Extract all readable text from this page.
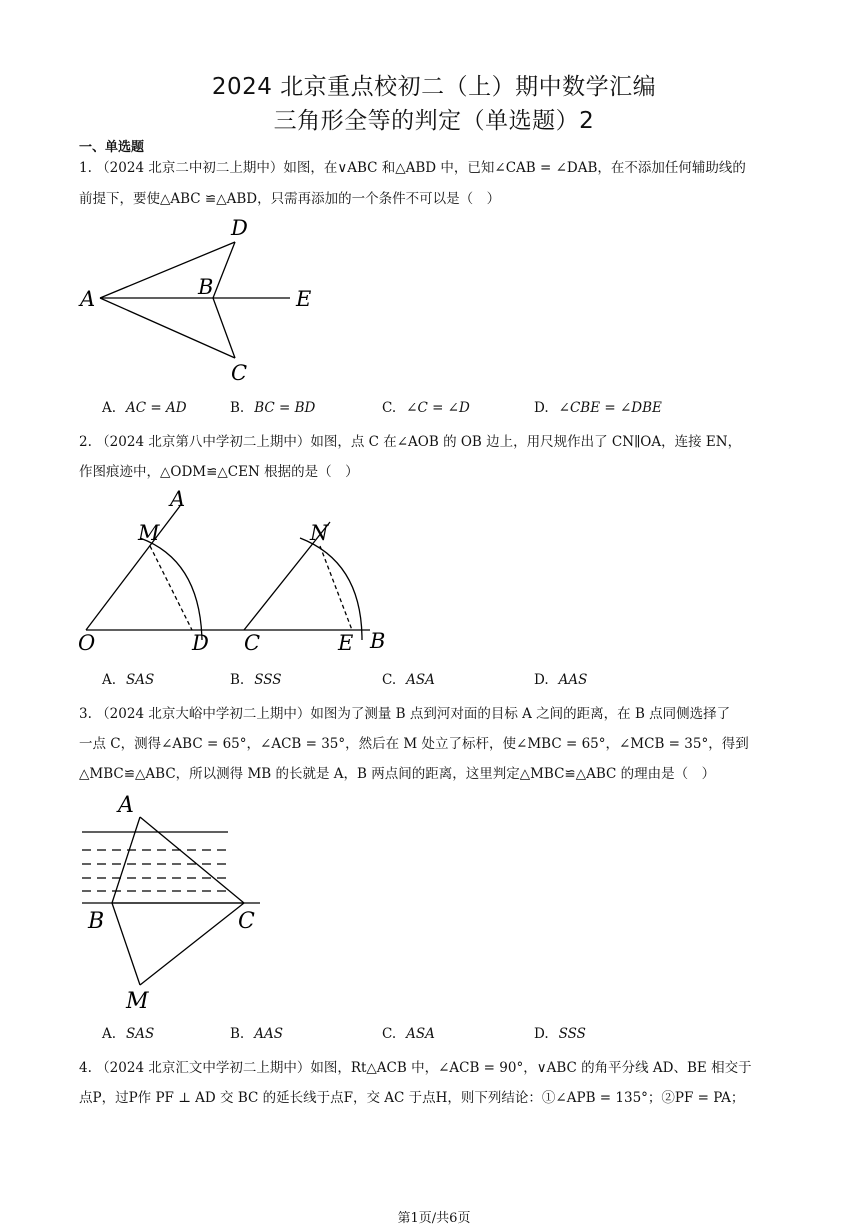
2024 北京重点校初二（上）期中数学汇编
三角形全等的判定（单选题）2
一、单选题
1. （2024 北京二中初二上期中）如图，在∨ABC 和△ABD 中，已知∠CAB = ∠DAB，在不添加任何辅助线的
前提下，要使△ABC ≌△ABD，只需再添加的一个条件不可以是（　）
A	B	E
D
C
A. AC = AD	B. BC = BD	C. ∠C = ∠D	D. ∠CBE = ∠DBE
2. （2024 北京第八中学初二上期中）如图，点 C 在∠AOB 的 OB 边上，用尺规作出了 CN∥OA，连接 EN，
作图痕迹中，△ODM≌△CEN 根据的是（　）
A
M
O	D
N
C	E B
A. SAS	B. SSS	C. ASA	D. AAS
3. （2024 北京大峪中学初二上期中）如图为了测量 B 点到河对面的目标 A 之间的距离，在 B 点同侧选择了
一点 C，测得∠ABC = 65°，∠ACB = 35°，然后在 M 处立了标杆，使∠MBC = 65°，∠MCB = 35°，得到
△MBC≌△ABC，所以测得 MB 的长就是 A，B 两点间的距离，这里判定△MBC≌△ABC 的理由是（　）
A
B	C
M
A. SAS	B. AAS	C. ASA	D. SSS
4. （2024 北京汇文中学初二上期中）如图，Rt△ACB 中，∠ACB = 90°，∨ABC 的角平分线 AD、BE 相交于
点P，过P作 PF ⊥ AD 交 BC 的延长线于点F，交 AC 于点H，则下列结论：①∠APB = 135°；②PF = PA；
第1页/共6页
